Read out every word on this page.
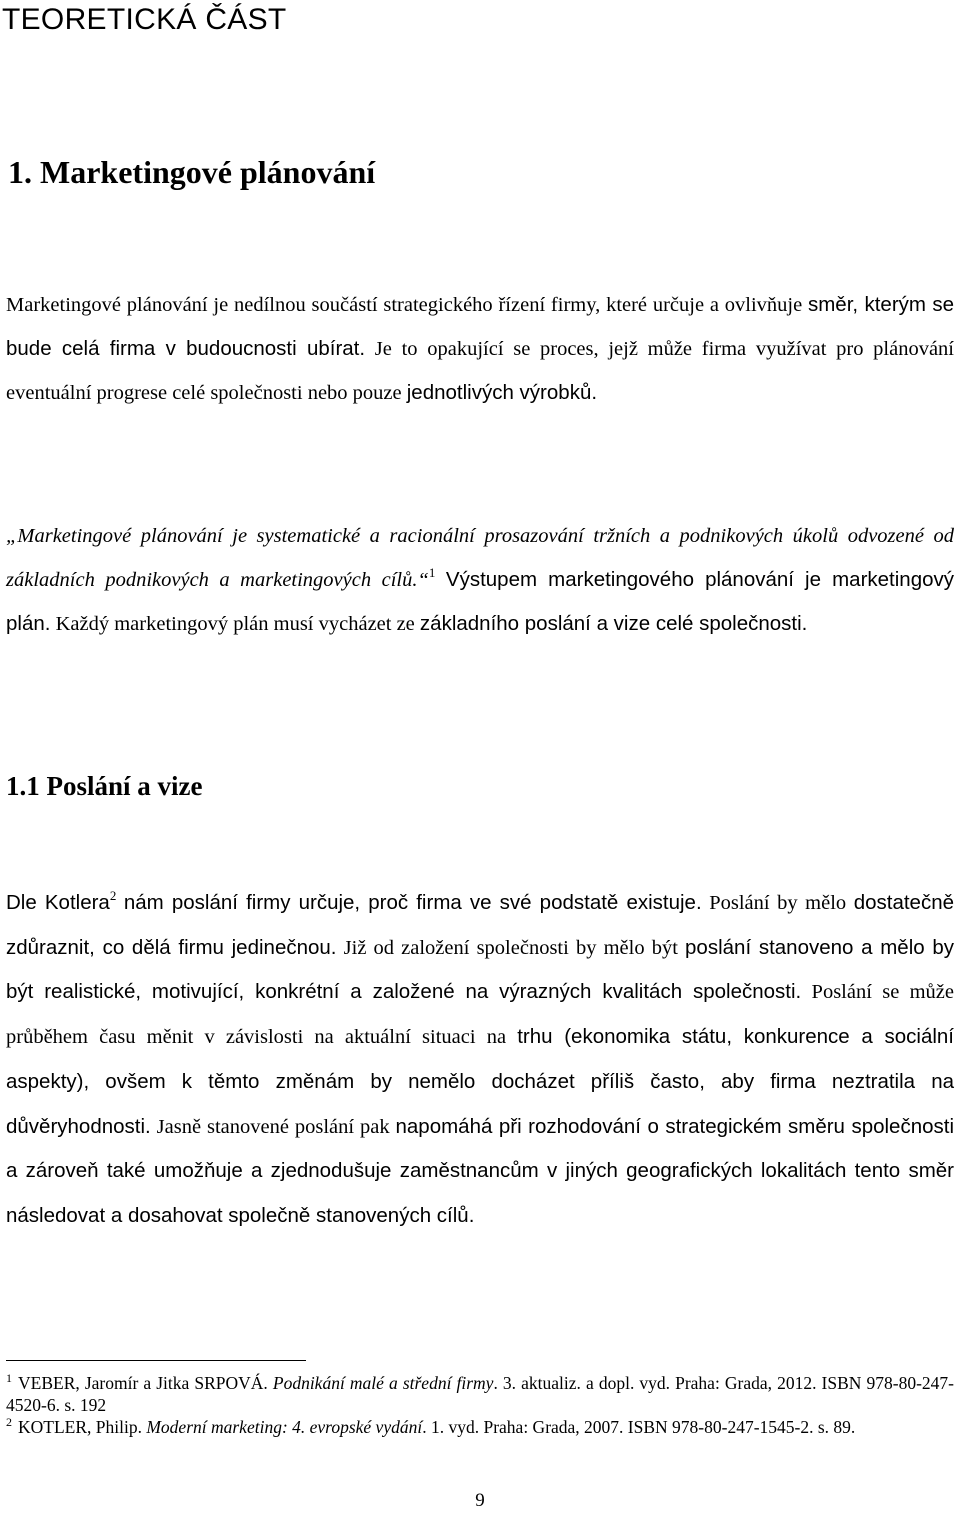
TEORETICKÁ ČÁST
1. Marketingové plánování
Marketingové plánování je nedílnou součástí strategického řízení firmy, které určuje a ovlivňuje směr, kterým se bude celá firma v budoucnosti ubírat. Je to opakující se proces, jejž může firma využívat pro plánování eventuální progrese celé společnosti nebo pouze jednotlivých výrobků.
„Marketingové plánování je systematické a racionální prosazování tržních a podnikových úkolů odvozené od základních podnikových a marketingových cílů.“$^1$ Výstupem marketingového plánování je marketingový plán. Každý marketingový plán musí vycházet ze základního poslání a vize celé společnosti.
1.1 Poslání a vize
Dle Kotlera$^2$ nám poslání firmy určuje, proč firma ve své podstatě existuje. Poslání by mělo dostatečně zdůraznit, co dělá firmu jedinečnou. Již od založení společnosti by mělo být poslání stanoveno a mělo by být realistické, motivující, konkrétní a založené na výrazných kvalitách společnosti. Poslání se může průběhem času měnit v závislosti na aktuální situaci na trhu (ekonomika státu, konkurence a sociální aspekty), ovšem k těmto změnám by nemělo docházet příliš často, aby firma neztratila na důvěryhodnosti. Jasně stanovené poslání pak napomáhá při rozhodování o strategickém směru společnosti a zároveň také umožňuje a zjednodušuje zaměstnancům v jiných geografických lokalitách tento směr následovat a dosahovat společně stanovených cílů.

$^1$ VEBER, Jaromír a Jitka SRPOVÁ. Podnikání malé a střední firmy. 3. aktualiz. a dopl. vyd. Praha: Grada, 2012. ISBN 978-80-247-4520-6. s. 192

$^2$ KOTLER, Philip. Moderní marketing: 4. evropské vydání. 1. vyd. Praha: Grada, 2007. ISBN 978-80-247-1545-2. s. 89.

9
